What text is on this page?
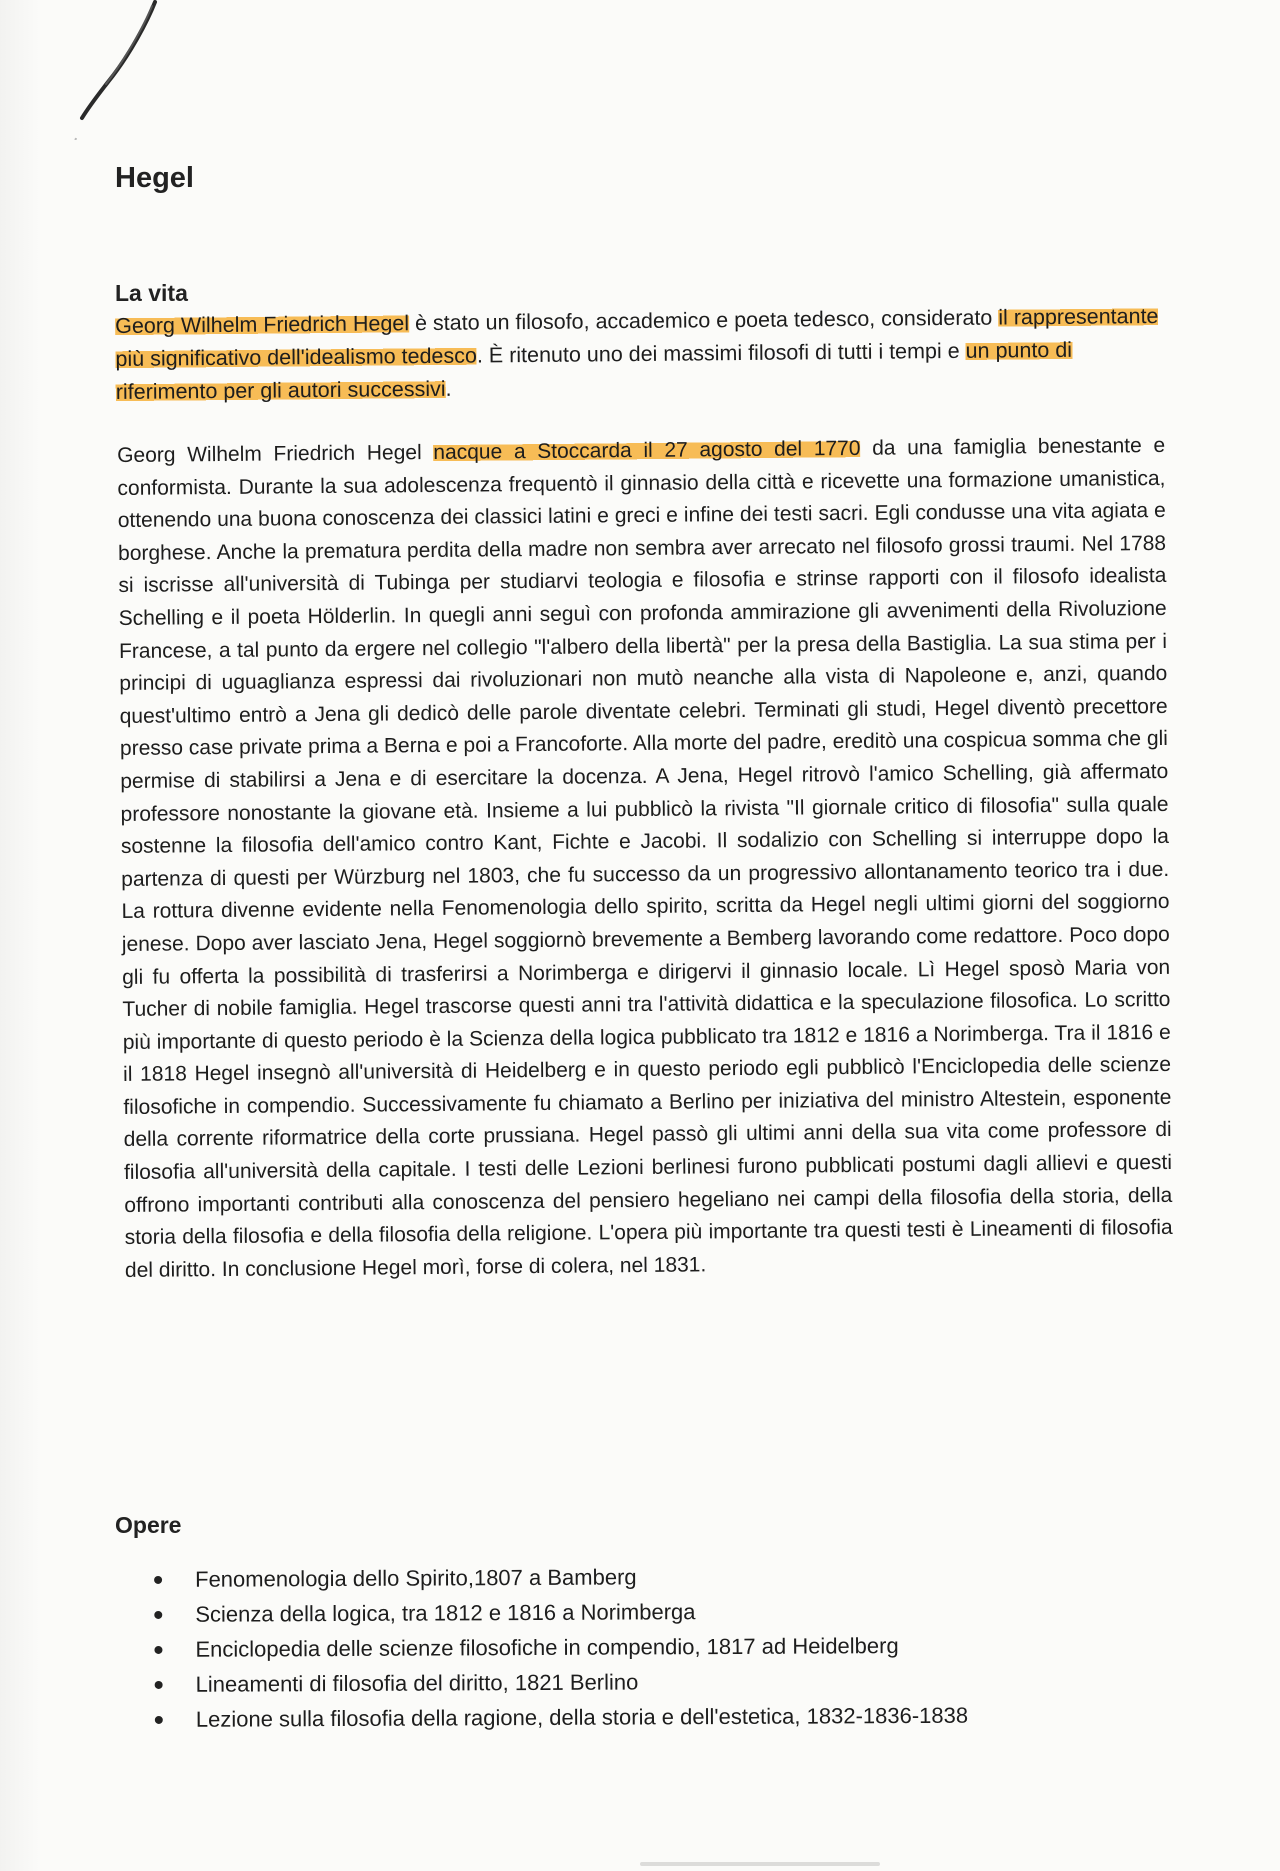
Hegel
La vita

Georg Wilhelm Friedrich Hegel è stato un filosofo, accademico e poeta tedesco, considerato il rappresentante più significativo dell'idealismo tedesco. È ritenuto uno dei massimi filosofi di tutti i tempi e un punto di riferimento per gli autori successivi.

Georg Wilhelm Friedrich Hegel nacque a Stoccarda il 27 agosto del 1770 da una famiglia benestante e conformista. Durante la sua adolescenza frequentò il ginnasio della città e ricevette una formazione umanistica, ottenendo una buona conoscenza dei classici latini e greci e infine dei testi sacri. Egli condusse una vita agiata e borghese. Anche la prematura perdita della madre non sembra aver arrecato nel filosofo grossi traumi. Nel 1788 si iscrisse all'università di Tubinga per studiarvi teologia e filosofia e strinse rapporti con il filosofo idealista Schelling e il poeta Hölderlin. In quegli anni seguì con profonda ammirazione gli avvenimenti della Rivoluzione Francese, a tal punto da ergere nel collegio "l'albero della libertà" per la presa della Bastiglia. La sua stima per i principi di uguaglianza espressi dai rivoluzionari non mutò neanche alla vista di Napoleone e, anzi, quando quest'ultimo entrò a Jena gli dedicò delle parole diventate celebri. Terminati gli studi, Hegel diventò precettore presso case private prima a Berna e poi a Francoforte. Alla morte del padre, ereditò una cospicua somma che gli permise di stabilirsi a Jena e di esercitare la docenza. A Jena, Hegel ritrovò l'amico Schelling, già affermato professore nonostante la giovane età. Insieme a lui pubblicò la rivista "Il giornale critico di filosofia" sulla quale sostenne la filosofia dell'amico contro Kant, Fichte e Jacobi. Il sodalizio con Schelling si interruppe dopo la partenza di questi per Würzburg nel 1803, che fu successo da un progressivo allontanamento teorico tra i due. La rottura divenne evidente nella Fenomenologia dello spirito, scritta da Hegel negli ultimi giorni del soggiorno jenese. Dopo aver lasciato Jena, Hegel soggiornò brevemente a Bemberg lavorando come redattore. Poco dopo gli fu offerta la possibilità di trasferirsi a Norimberga e dirigervi il ginnasio locale. Lì Hegel sposò Maria von Tucher di nobile famiglia. Hegel trascorse questi anni tra l'attività didattica e la speculazione filosofica. Lo scritto più importante di questo periodo è la Scienza della logica pubblicato tra 1812 e 1816 a Norimberga. Tra il 1816 e il 1818 Hegel insegnò all'università di Heidelberg e in questo periodo egli pubblicò l'Enciclopedia delle scienze filosofiche in compendio. Successivamente fu chiamato a Berlino per iniziativa del ministro Altestein, esponente della corrente riformatrice della corte prussiana. Hegel passò gli ultimi anni della sua vita come professore di filosofia all'università della capitale. I testi delle Lezioni berlinesi furono pubblicati postumi dagli allievi e questi offrono importanti contributi alla conoscenza del pensiero hegeliano nei campi della filosofia della storia, della storia della filosofia e della filosofia della religione. L'opera più importante tra questi testi è Lineamenti di filosofia del diritto. In conclusione Hegel morì, forse di colera, nel 1831.

Opere
Fenomenologia dello Spirito,1807 a Bamberg
Scienza della logica, tra 1812 e 1816 a Norimberga
Enciclopedia delle scienze filosofiche in compendio, 1817 ad Heidelberg
Lineamenti di filosofia del diritto, 1821 Berlino
Lezione sulla filosofia della ragione, della storia e dell'estetica, 1832-1836-1838
